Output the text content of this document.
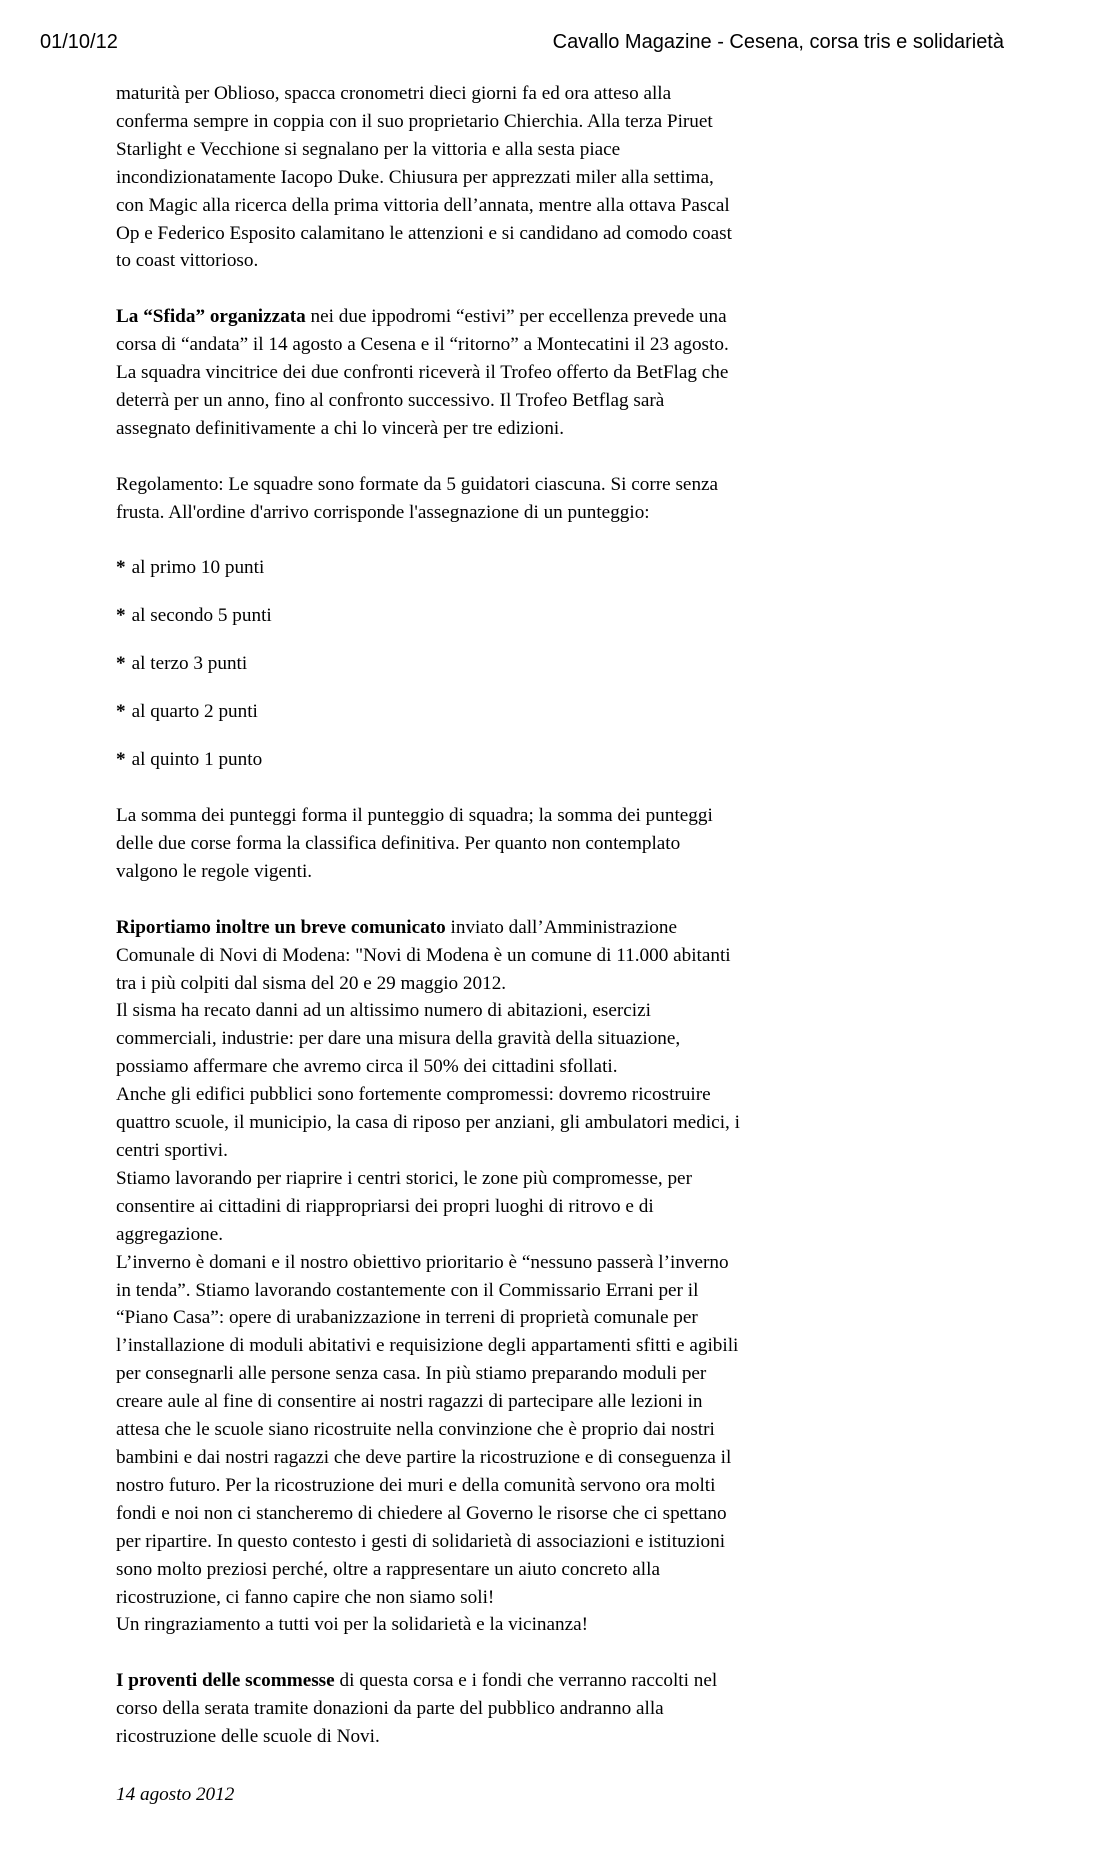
01/10/12	Cavallo Magazine - Cesena, corsa tris e solidarietà

maturità per Oblioso, spacca cronometri dieci giorni fa ed ora atteso alla conferma sempre in coppia con il suo proprietario Chierchia. Alla terza Piruet Starlight e Vecchione si segnalano per la vittoria e alla sesta piace incondizionatamente Iacopo Duke. Chiusura per apprezzati miler alla settima, con Magic alla ricerca della prima vittoria dell’annata, mentre alla ottava Pascal Op e Federico Esposito calamitano le attenzioni e si candidano ad comodo coast to coast vittorioso.

La “Sfida” organizzata nei due ippodromi “estivi” per eccellenza prevede una corsa di “andata” il 14 agosto a Cesena e il “ritorno” a Montecatini il 23 agosto. La squadra vincitrice dei due confronti riceverà il Trofeo offerto da BetFlag che deterrà per un anno, fino al confronto successivo. Il Trofeo Betflag sarà assegnato definitivamente a chi lo vincerà per tre edizioni.

Regolamento: Le squadre sono formate da 5 guidatori ciascuna. Si corre senza frusta. All'ordine d'arrivo corrisponde l'assegnazione di un punteggio:

* al primo 10 punti
* al secondo 5 punti
* al terzo 3 punti
* al quarto 2 punti
* al quinto 1 punto

La somma dei punteggi forma il punteggio di squadra; la somma dei punteggi delle due corse forma la classifica definitiva. Per quanto non contemplato valgono le regole vigenti.

Riportiamo inoltre un breve comunicato inviato dall’Amministrazione Comunale di Novi di Modena: "Novi di Modena è un comune di 11.000 abitanti tra i più colpiti dal sisma del 20 e 29 maggio 2012.
Il sisma ha recato danni ad un altissimo numero di abitazioni, esercizi commerciali, industrie: per dare una misura della gravità della situazione, possiamo affermare che avremo circa il 50% dei cittadini sfollati.
Anche gli edifici pubblici sono fortemente compromessi: dovremo ricostruire quattro scuole, il municipio, la casa di riposo per anziani, gli ambulatori medici, i centri sportivi.
Stiamo lavorando per riaprire i centri storici, le zone più compromesse, per consentire ai cittadini di riappropriarsi dei propri luoghi di ritrovo e di aggregazione.
L’inverno è domani e il nostro obiettivo prioritario è “nessuno passerà l’inverno in tenda”. Stiamo lavorando costantemente con il Commissario Errani per il “Piano Casa”: opere di urabanizzazione in terreni di proprietà comunale per l’installazione di moduli abitativi e requisizione degli appartamenti sfitti e agibili per consegnarli alle persone senza casa. In più stiamo preparando moduli per creare aule al fine di consentire ai nostri ragazzi di partecipare alle lezioni in attesa che le scuole siano ricostruite nella convinzione che è proprio dai nostri bambini e dai nostri ragazzi che deve partire la ricostruzione e di conseguenza il nostro futuro. Per la ricostruzione dei muri e della comunità servono ora molti fondi e noi non ci stancheremo di chiedere al Governo le risorse che ci spettano per ripartire. In questo contesto i gesti di solidarietà di associazioni e istituzioni sono molto preziosi perché, oltre a rappresentare un aiuto concreto alla ricostruzione, ci fanno capire che non siamo soli!
Un ringraziamento a tutti voi per la solidarietà e la vicinanza!

I proventi delle scommesse di questa corsa e i fondi che verranno raccolti nel corso della serata tramite donazioni da parte del pubblico andranno alla ricostruzione delle scuole di Novi.

14 agosto 2012
